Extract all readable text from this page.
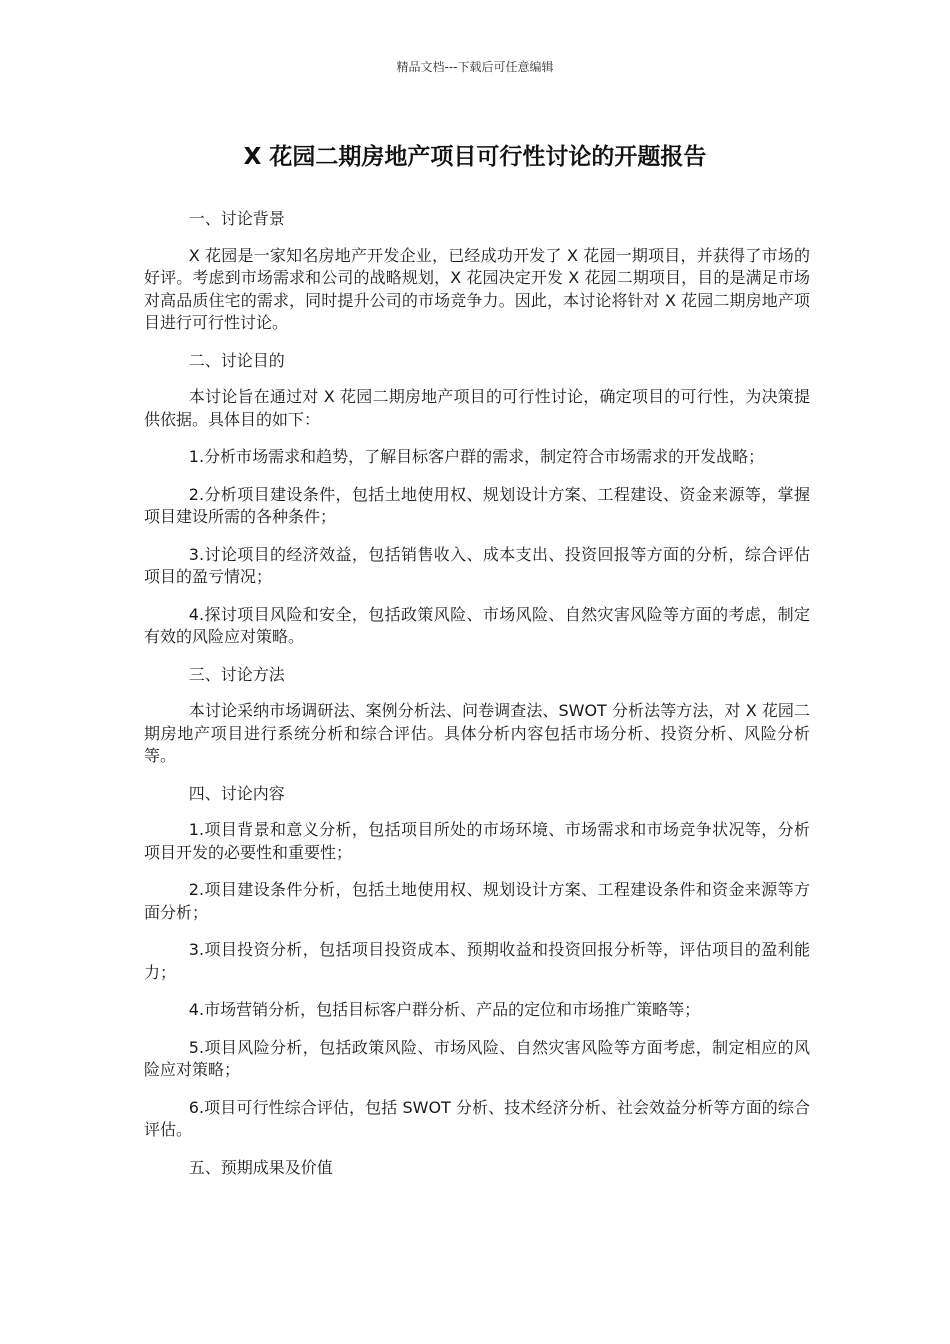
精品文档---下载后可任意编辑
X 花园二期房地产项目可行性讨论的开题报告

一、讨论背景

X 花园是一家知名房地产开发企业，已经成功开发了 X 花园一期项目，并获得了市场的好评。考虑到市场需求和公司的战略规划，X 花园决定开发 X 花园二期项目，目的是满足市场对高品质住宅的需求，同时提升公司的市场竞争力。因此，本讨论将针对 X 花园二期房地产项目进行可行性讨论。

二、讨论目的

本讨论旨在通过对 X 花园二期房地产项目的可行性讨论，确定项目的可行性，为决策提供依据。具体目的如下：

1.分析市场需求和趋势，了解目标客户群的需求，制定符合市场需求的开发战略；

2.分析项目建设条件，包括土地使用权、规划设计方案、工程建设、资金来源等，掌握项目建设所需的各种条件；

3.讨论项目的经济效益，包括销售收入、成本支出、投资回报等方面的分析，综合评估项目的盈亏情况；

4.探讨项目风险和安全，包括政策风险、市场风险、自然灾害风险等方面的考虑，制定有效的风险应对策略。

三、讨论方法

本讨论采纳市场调研法、案例分析法、问卷调查法、SWOT 分析法等方法，对 X 花园二期房地产项目进行系统分析和综合评估。具体分析内容包括市场分析、投资分析、风险分析等。

四、讨论内容

1.项目背景和意义分析，包括项目所处的市场环境、市场需求和市场竞争状况等，分析项目开发的必要性和重要性；

2.项目建设条件分析，包括土地使用权、规划设计方案、工程建设条件和资金来源等方面分析；

3.项目投资分析，包括项目投资成本、预期收益和投资回报分析等，评估项目的盈利能力；

4.市场营销分析，包括目标客户群分析、产品的定位和市场推广策略等；

5.项目风险分析，包括政策风险、市场风险、自然灾害风险等方面考虑，制定相应的风险应对策略；

6.项目可行性综合评估，包括 SWOT 分析、技术经济分析、社会效益分析等方面的综合评估。

五、预期成果及价值
